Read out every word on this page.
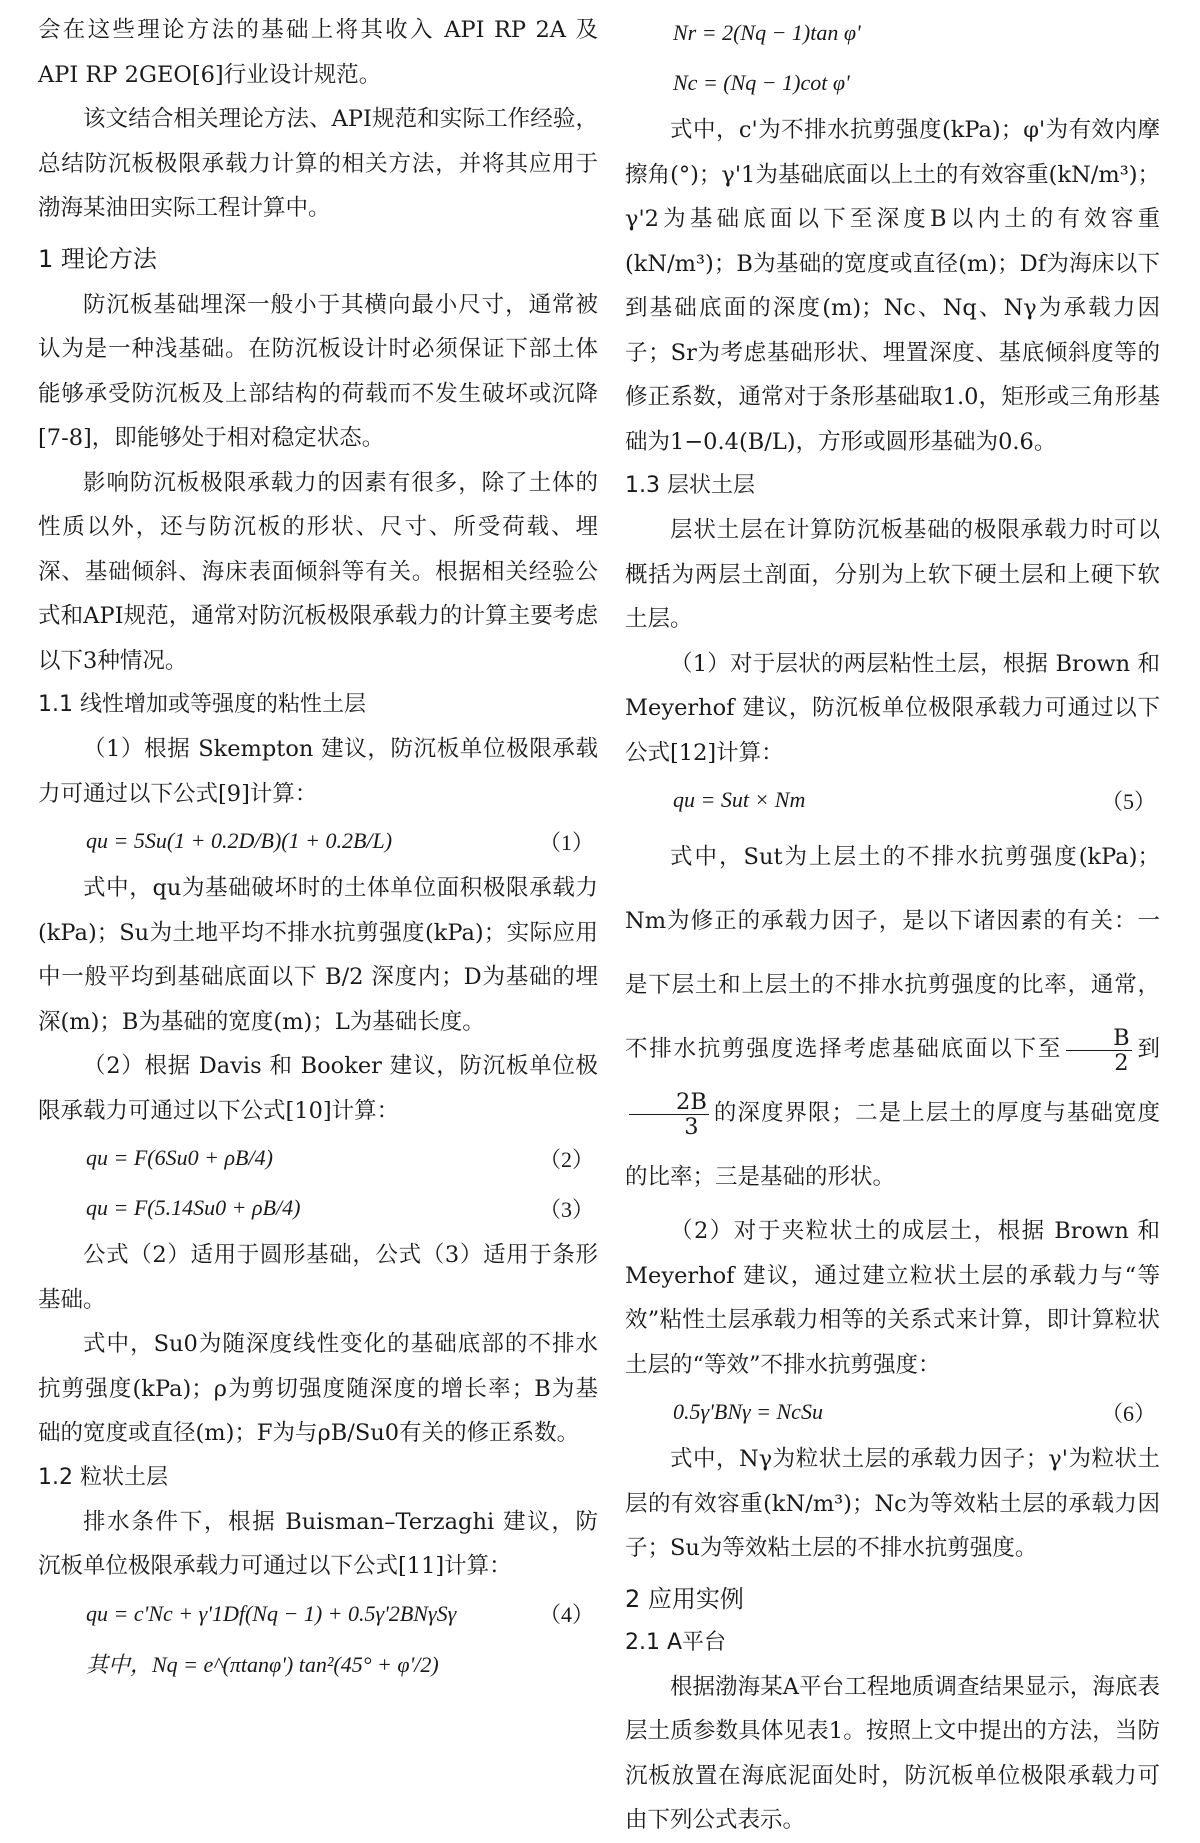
会在这些理论方法的基础上将其收入 API RP 2A 及 API RP 2GEO[6]行业设计规范。

该文结合相关理论方法、API规范和实际工作经验，总结防沉板极限承载力计算的相关方法，并将其应用于渤海某油田实际工程计算中。

1 理论方法

防沉板基础埋深一般小于其横向最小尺寸，通常被认为是一种浅基础。在防沉板设计时必须保证下部土体能够承受防沉板及上部结构的荷载而不发生破坏或沉降[7-8]，即能够处于相对稳定状态。

影响防沉板极限承载力的因素有很多，除了土体的性质以外，还与防沉板的形状、尺寸、所受荷载、埋深、基础倾斜、海床表面倾斜等有关。根据相关经验公式和API规范，通常对防沉板极限承载力的计算主要考虑以下3种情况。

1.1 线性增加或等强度的粘性土层

（1）根据 Skempton 建议，防沉板单位极限承载力可通过以下公式[9]计算：

qu = 5Su(1 + 0.2D/B)(1 + 0.2B/L)	（1）

式中，qu为基础破坏时的土体单位面积极限承载力(kPa)；Su为土地平均不排水抗剪强度(kPa)；实际应用中一般平均到基础底面以下 B/2 深度内；D为基础的埋深(m)；B为基础的宽度(m)；L为基础长度。

（2）根据 Davis 和 Booker 建议，防沉板单位极限承载力可通过以下公式[10]计算：

qu = F(6Su0 + ρB/4)	（2）
qu = F(5.14Su0 + ρB/4)	（3）

公式（2）适用于圆形基础，公式（3）适用于条形基础。

式中，Su0为随深度线性变化的基础底部的不排水抗剪强度(kPa)；ρ为剪切强度随深度的增长率；B为基础的宽度或直径(m)；F为与ρB/Su0有关的修正系数。

1.2 粒状土层

排水条件下，根据 Buisman–Terzaghi 建议，防沉板单位极限承载力可通过以下公式[11]计算：

qu = c'Nc + γ'1Df(Nq − 1) + 0.5γ'2BNγSγ	（4）
其中，Nq = e^(πtanφ') tan²(45° + φ'/2)
Nr = 2(Nq − 1)tan φ'
Nc = (Nq − 1)cot φ'

式中，c'为不排水抗剪强度(kPa)；φ'为有效内摩擦角(°)；γ'1为基础底面以上土的有效容重(kN/m³)；γ'2为基础底面以下至深度B以内土的有效容重(kN/m³)；B为基础的宽度或直径(m)；Df为海床以下到基础底面的深度(m)；Nc、Nq、Nγ为承载力因子；Sr为考虑基础形状、埋置深度、基底倾斜度等的修正系数，通常对于条形基础取1.0，矩形或三角形基础为1−0.4(B/L)，方形或圆形基础为0.6。

1.3 层状土层

层状土层在计算防沉板基础的极限承载力时可以概括为两层土剖面，分别为上软下硬土层和上硬下软土层。

（1）对于层状的两层粘性土层，根据 Brown 和 Meyerhof 建议，防沉板单位极限承载力可通过以下公式[12]计算：

qu = Sut × Nm	（5）

式中，Sut为上层土的不排水抗剪强度(kPa)；Nm为修正的承载力因子，是以下诸因素的有关：一是下层土和上层土的不排水抗剪强度的比率，通常，不排水抗剪强度选择考虑基础底面以下至 $\frac{B}{2}$ 到
$\frac{2B}{3}$ 的深度界限；二是上层土的厚度与基础宽度的比率；三是基础的形状。

（2）对于夹粒状土的成层土，根据 Brown 和 Meyerhof 建议，通过建立粒状土层的承载力与“等效”粘性土层承载力相等的关系式来计算，即计算粒状土层的“等效”不排水抗剪强度：

0.5γ'BNγ = NcSu	（6）

式中，Nγ为粒状土层的承载力因子；γ'为粒状土层的有效容重(kN/m³)；Nc为等效粘土层的承载力因子；Su为等效粘土层的不排水抗剪强度。

2 应用实例
2.1 A平台

根据渤海某A平台工程地质调查结果显示，海底表层土质参数具体见表1。按照上文中提出的方法，当防沉板放置在海底泥面处时，防沉板单位极限承载力可由下列公式表示。
